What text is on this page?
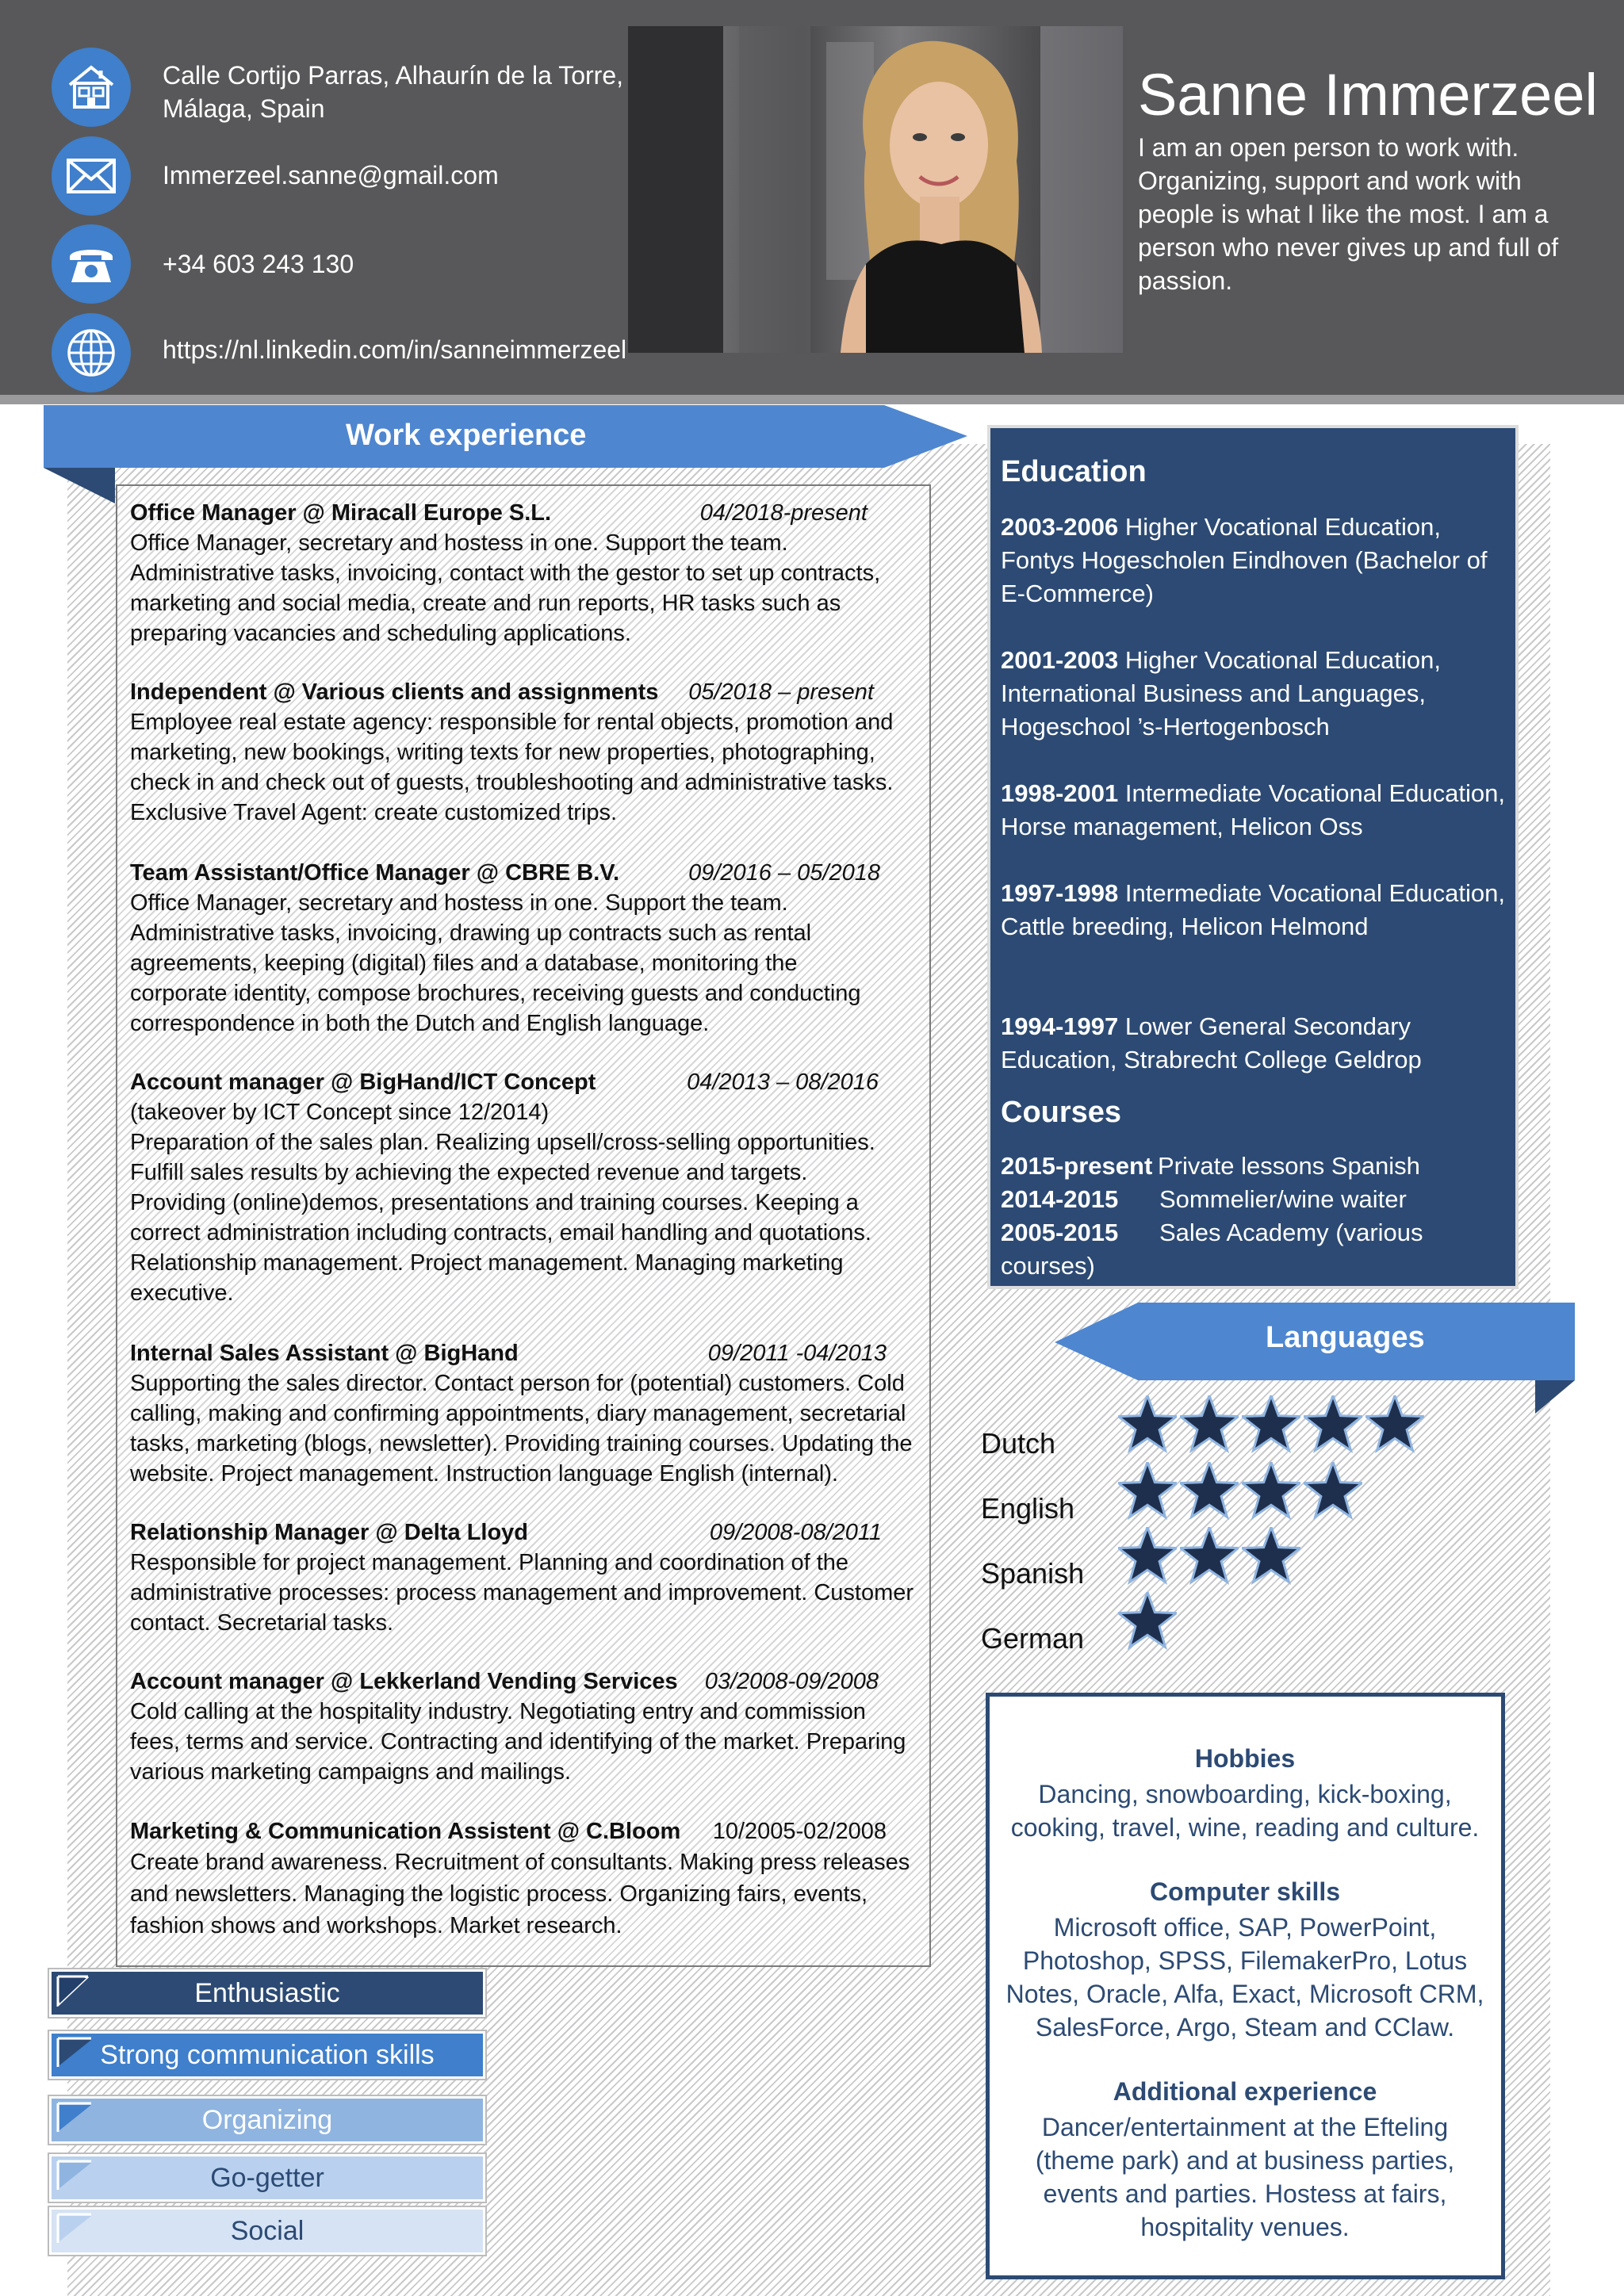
Calle Cortijo Parras, Alhaurín de la Torre,
Málaga, Spain
Immerzeel.sanne@gmail.com
+34 603 243 130
https://nl.linkedin.com/in/sanneimmerzeel
Sanne Immerzeel
I am an open person to work with. Organizing, support and work with people is what I like the most. I am a person who never gives up and full of passion.
Work experience
Office Manager @ Miracall Europe S.L.	04/2018-present
Office Manager, secretary and hostess in one. Support the team. Administrative tasks, invoicing, contact with the gestor to set up contracts, marketing and social media, create and run reports, HR tasks such as preparing vacancies and scheduling applications.
Independent @ Various clients and assignments 05/2018 – present
Employee real estate agency: responsible for rental objects, promotion and marketing, new bookings, writing texts for new properties, photographing, check in and check out of guests, troubleshooting and administrative tasks. Exclusive Travel Agent: create customized trips.
Team Assistant/Office Manager @ CBRE B.V.	09/2016 – 05/2018
Office Manager, secretary and hostess in one. Support the team. Administrative tasks, invoicing, drawing up contracts such as rental agreements, keeping (digital) files and a database, monitoring the corporate identity, compose brochures, receiving guests and conducting correspondence in both the Dutch and English language.
Account manager @ BigHand/ICT Concept	04/2013 – 08/2016
(takeover by ICT Concept since 12/2014)
Preparation of the sales plan. Realizing upsell/cross-selling opportunities. Fulfill sales results by achieving the expected revenue and targets. Providing (online)demos, presentations and training courses. Keeping a correct administration including contracts, email handling and quotations. Relationship management. Project management. Managing marketing executive.
Internal Sales Assistant @ BigHand	09/2011 -04/2013
Supporting the sales director. Contact person for (potential) customers. Cold calling, making and confirming appointments, diary management, secretarial tasks, marketing (blogs, newsletter). Providing training courses. Updating the website. Project management. Instruction language English (internal).
Relationship Manager @ Delta Lloyd	09/2008-08/2011
Responsible for project management. Planning and coordination of the administrative processes: process management and improvement. Customer contact. Secretarial tasks.
Account manager @ Lekkerland Vending Services 03/2008-09/2008
Cold calling at the hospitality industry. Negotiating entry and commission fees, terms and service. Contracting and identifying of the market. Preparing various marketing campaigns and mailings.
Marketing & Communication Assistent @ C.Bloom 10/2005-02/2008
Create brand awareness. Recruitment of consultants. Making press releases and newsletters. Managing the logistic process. Organizing fairs, events, fashion shows and workshops. Market research.
Education
2003-2006 Higher Vocational Education, Fontys Hogescholen Eindhoven (Bachelor of E-Commerce)
2001-2003 Higher Vocational Education, International Business and Languages, Hogeschool ’s-Hertogenbosch
1998-2001 Intermediate Vocational Education, Horse management, Helicon Oss
1997-1998 Intermediate Vocational Education, Cattle breeding, Helicon Helmond
1994-1997 Lower General Secondary Education, Strabrecht College Geldrop
Courses
2015-present Private lessons Spanish
2014-2015 Sommelier/wine waiter
2005-2015 Sales Academy (various
courses)
Languages
Dutch
English
Spanish
German
Hobbies
Dancing, snowboarding, kick-boxing, cooking, travel, wine, reading and culture.
Computer skills
Microsoft office, SAP, PowerPoint, Photoshop, SPSS, FilemakerPro, Lotus Notes, Oracle, Alfa, Exact, Microsoft CRM, SalesForce, Argo, Steam and CClaw.
Additional experience
Dancer/entertainment at the Efteling (theme park) and at business parties, events and parties. Hostess at fairs, hospitality venues.
Enthusiastic
Strong communication skills
Organizing
Go-getter
Social
